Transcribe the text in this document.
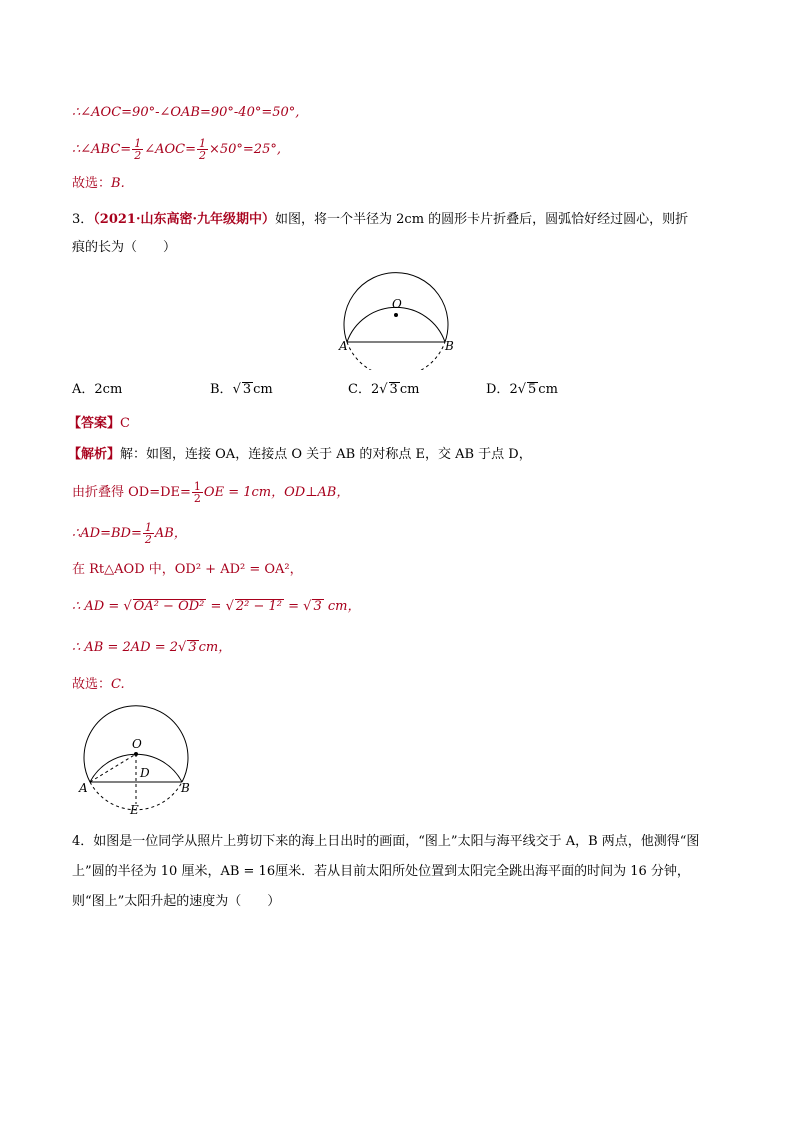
∴∠AOC=90°-∠OAB=90°-40°=50°,
∴∠ABC= $\frac{1}{2}$ ∠AOC= $\frac{1}{2} \times 50^\circ=25^\circ$,
故选：B.
3．（2021·山东高密·九年级期中）如图，将一个半径为 2cm 的圆形卡片折叠后，圆弧恰好经过圆心，则折
痕的长为（　　）
O
A	B
A．2cm	B．√ 3 cm	C．2√ 3 cm	D．2√ 5 cm
【答案】C
【解析】解：如图，连接 OA，连接点 O 关于 AB 的对称点 E，交 AB 于点 D，
由折叠得 $OD=DE= \frac{1}{2}$ OE = 1cm，OD⊥AB，
∴AD=BD= $\frac{1}{2}$ AB，
在 Rt△AOD 中，OD² + AD² = OA²，
∴ AD = √ OA² − OD² = √ 2² − 1² = √ 3 cm，
∴ AB = 2AD = 2√ 3 cm，
故选：C.
O
D
A	B
E
4．如图是一位同学从照片上剪切下来的海上日出时的画面，“图上”太阳与海平线交于 A，B 两点，他测得“图
上”圆的半径为 10 厘米，AB = 16厘米．若从目前太阳所处位置到太阳完全跳出海平面的时间为 16 分钟，
则“图上”太阳升起的速度为（　　）
